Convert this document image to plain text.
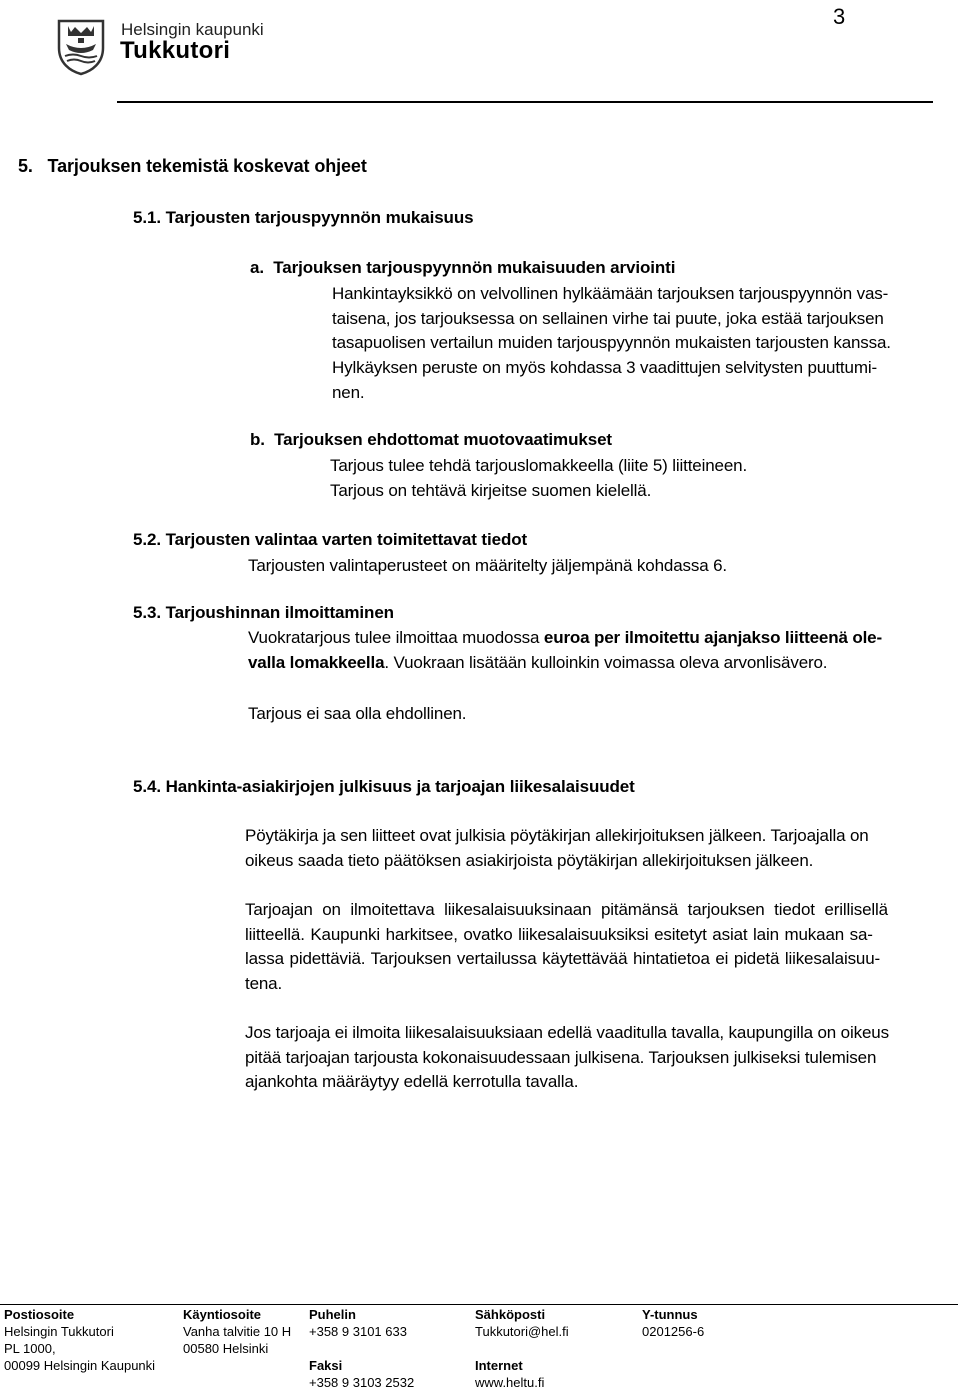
Helsingin kaupunki
Tukkutori
3
5.   Tarjouksen tekemistä koskevat ohjeet
5.1. Tarjousten tarjouspyynnön mukaisuus
a.  Tarjouksen tarjouspyynnön mukaisuuden arviointi

Hankintayksikkö on velvollinen hylkäämään tarjouksen tarjouspyynnön vas-

taisena, jos tarjouksessa on sellainen virhe tai puute, joka estää tarjouksen

tasapuolisen vertailun muiden tarjouspyynnön mukaisten tarjousten kanssa.

Hylkäyksen peruste on myös kohdassa 3 vaadittujen selvitysten puuttumi-

nen.

b.  Tarjouksen ehdottomat muotovaatimukset

Tarjous tulee tehdä tarjouslomakkeella (liite 5) liitteineen.

Tarjous on tehtävä kirjeitse suomen kielellä.

5.2. Tarjousten valintaa varten toimitettavat tiedot
Tarjousten valintaperusteet on määritelty jäljempänä kohdassa 6.
5.3. Tarjoushinnan ilmoittaminen

Vuokratarjous tulee ilmoittaa muodossa euroa per ilmoitettu ajanjakso liitteenä ole-

valla lomakkeella. Vuokraan lisätään kulloinkin voimassa oleva arvonlisävero.

Tarjous ei saa olla ehdollinen.
5.4. Hankinta-asiakirjojen julkisuus ja tarjoajan liikesalaisuudet

Pöytäkirja ja sen liitteet ovat julkisia pöytäkirjan allekirjoituksen jälkeen. Tarjoajalla on

oikeus saada tieto päätöksen asiakirjoista pöytäkirjan allekirjoituksen jälkeen.

Tarjoajan on ilmoitettava liikesalaisuuksinaan pitämänsä tarjouksen tiedot erillisellä

liitteellä. Kaupunki harkitsee, ovatko liikesalaisuuksiksi esitetyt asiat lain mukaan sa-

lassa pidettäviä. Tarjouksen vertailussa käytettävää hintatietoa ei pidetä liikesalaisuu-

tena.

Jos tarjoaja ei ilmoita liikesalaisuuksiaan edellä vaaditulla tavalla, kaupungilla on oikeus

pitää tarjoajan tarjousta kokonaisuudessaan julkisena. Tarjouksen julkiseksi tulemisen

ajankohta määräytyy edellä kerrotulla tavalla.

Postiosoite
Helsingin Tukkutori
PL 1000,
00099 Helsingin Kaupunki
Käyntiosoite
Vanha talvitie 10 H
00580 Helsinki
Puhelin
+358 9 3101 633
Faksi
+358 9 3103 2532
Sähköposti
Tukkutori@hel.fi
Internet
www.heltu.fi
Y-tunnus
0201256-6
